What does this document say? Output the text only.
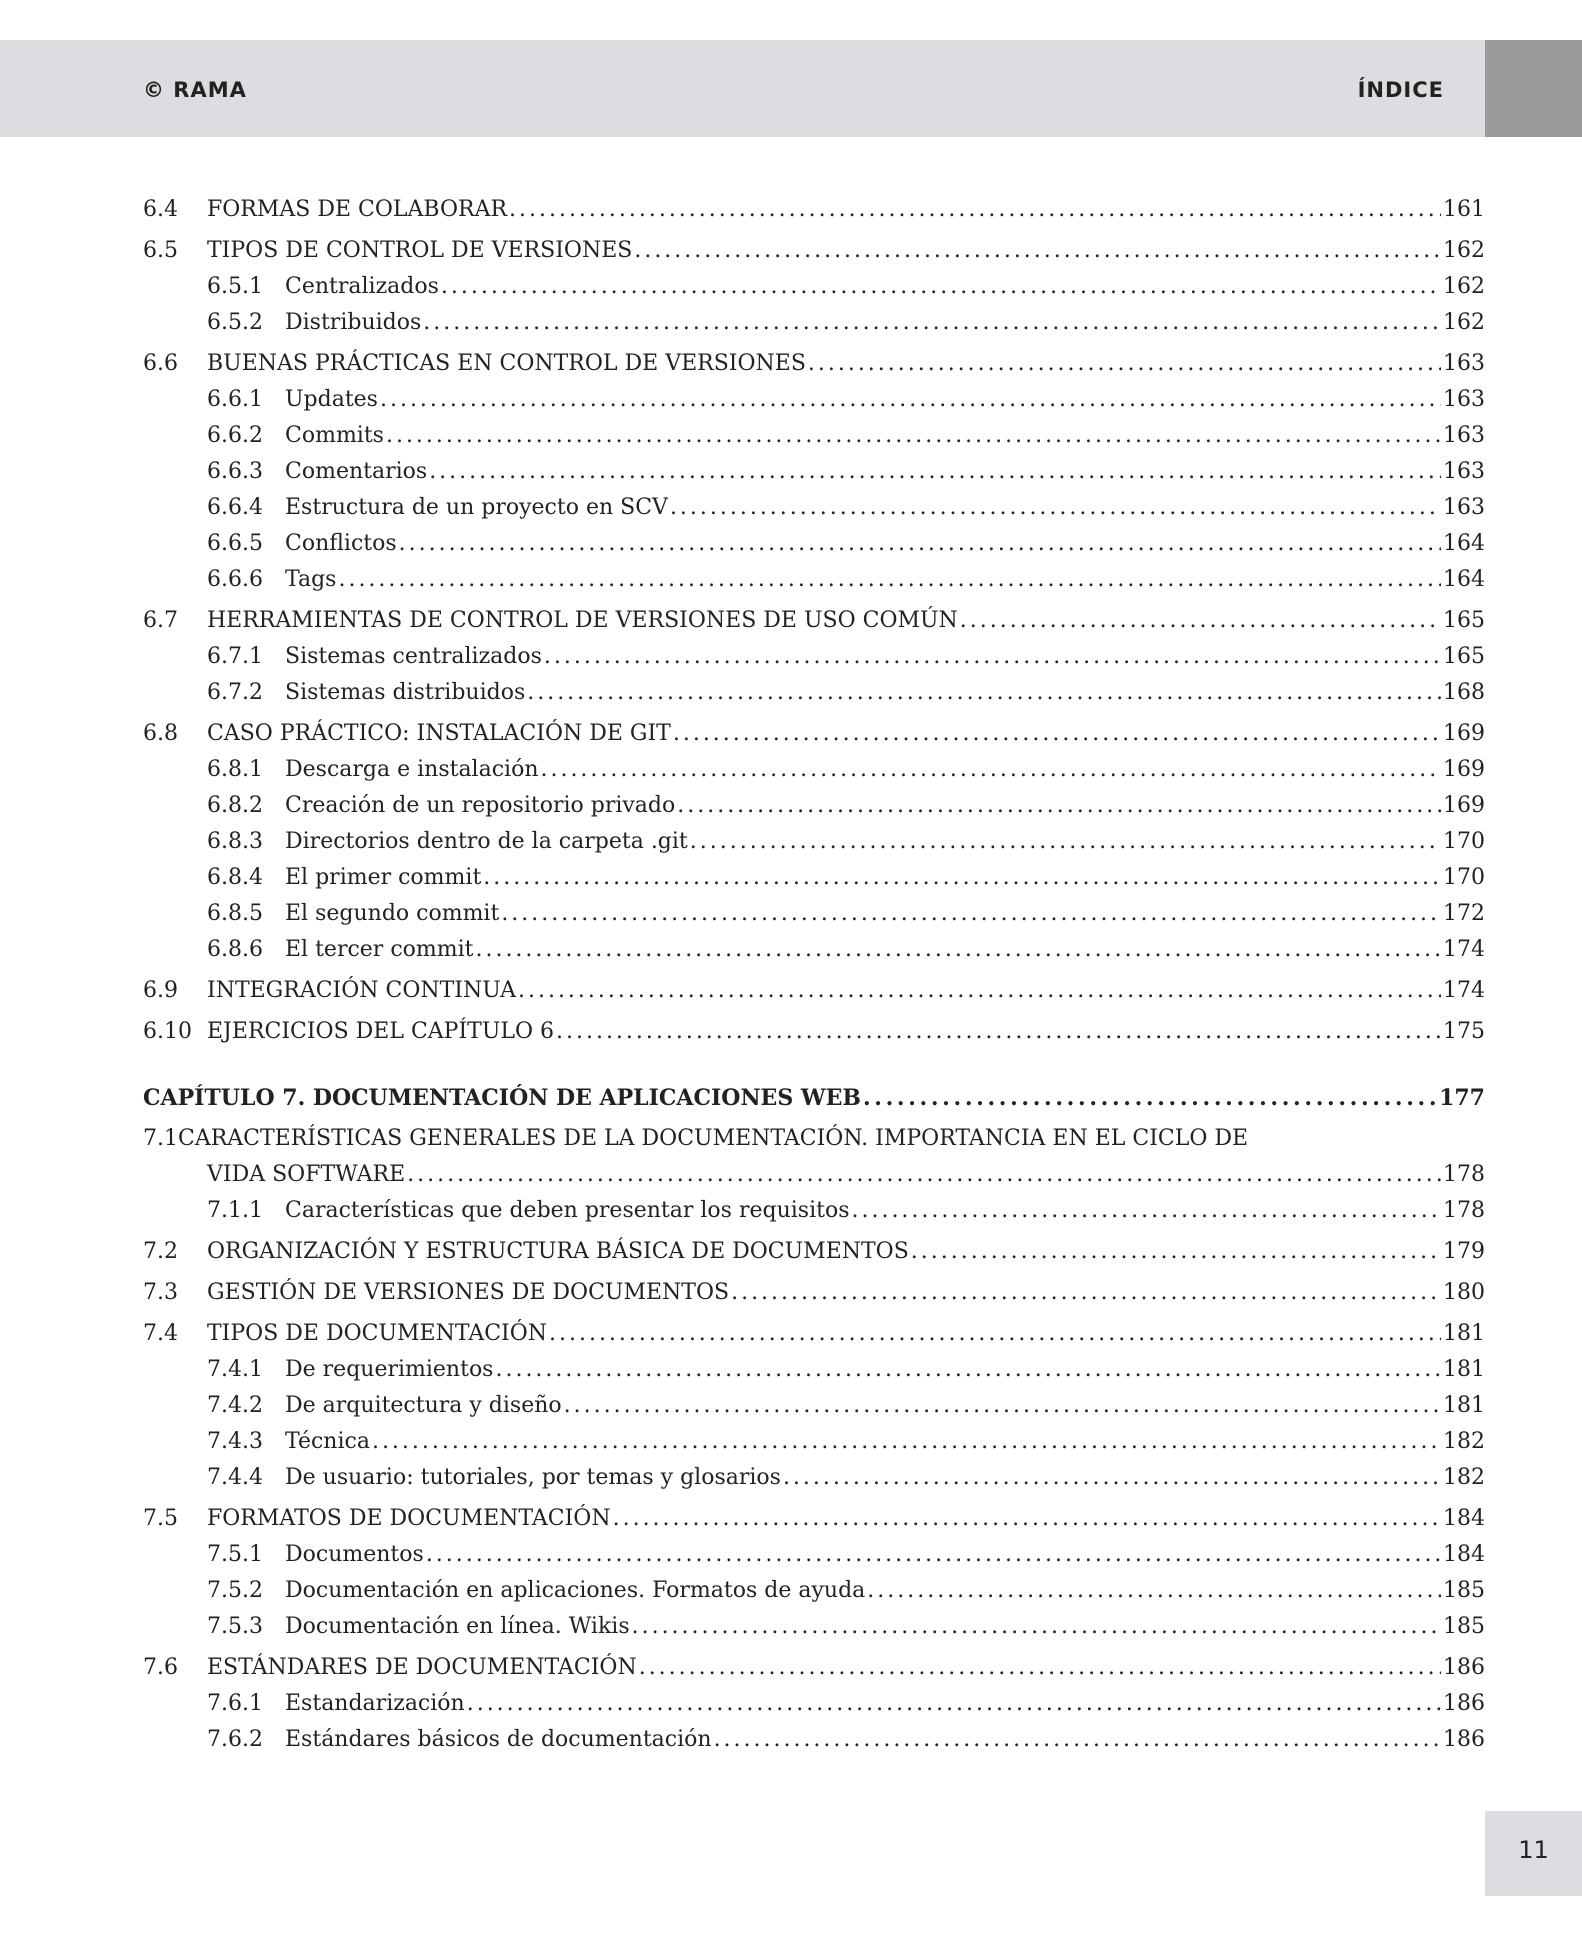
© RAMA	ÍNDICE
6.4	FORMAS DE COLABORAR . . .	161
6.5	TIPOS DE CONTROL DE VERSIONES . . .	162
6.5.1	Centralizados . . .	162
6.5.2	Distribuidos . . .	162
6.6	BUENAS PRÁCTICAS EN CONTROL DE VERSIONES . . .	163
6.6.1	Updates . . .	163
6.6.2	Commits . . .	163
6.6.3	Comentarios . . .	163
6.6.4	Estructura de un proyecto en SCV . . .	163
6.6.5	Conflictos . . .	164
6.6.6	Tags . . .	164
6.7	HERRAMIENTAS DE CONTROL DE VERSIONES DE USO COMÚN . . .	165
6.7.1	Sistemas centralizados . . .	165
6.7.2	Sistemas distribuidos . . .	168
6.8	CASO PRÁCTICO: INSTALACIÓN DE GIT . . .	169
6.8.1	Descarga e instalación . . .	169
6.8.2	Creación de un repositorio privado . . .	169
6.8.3	Directorios dentro de la carpeta .git . . .	170
6.8.4	El primer commit . . .	170
6.8.5	El segundo commit . . .	172
6.8.6	El tercer commit . . .	174
6.9	INTEGRACIÓN CONTINUA . . .	174
6.10 EJERCICIOS DEL CAPÍTULO 6 . . .	175
CAPÍTULO 7. DOCUMENTACIÓN DE APLICACIONES WEB . . .	177
7.1 CARACTERÍSTICAS GENERALES DE LA DOCUMENTACIÓN. IMPORTANCIA EN EL CICLO DE
VIDA SOFTWARE . . .	178
7.1.1	Características que deben presentar los requisitos . . .	178
7.2	ORGANIZACIÓN Y ESTRUCTURA BÁSICA DE DOCUMENTOS . . .	179
7.3	GESTIÓN DE VERSIONES DE DOCUMENTOS . . .	180
7.4	TIPOS DE DOCUMENTACIÓN . . .	181
7.4.1	De requerimientos . . .	181
7.4.2	De arquitectura y diseño . . .	181
7.4.3	Técnica . . .	182
7.4.4	De usuario: tutoriales, por temas y glosarios . . .	182
7.5	FORMATOS DE DOCUMENTACIÓN . . .	184
7.5.1	Documentos . . .	184
7.5.2	Documentación en aplicaciones. Formatos de ayuda . . .	185
7.5.3	Documentación en línea. Wikis . . .	185
7.6	ESTÁNDARES DE DOCUMENTACIÓN . . .	186
7.6.1	Estandarización . . .	186
7.6.2	Estándares básicos de documentación . . .	186
11
